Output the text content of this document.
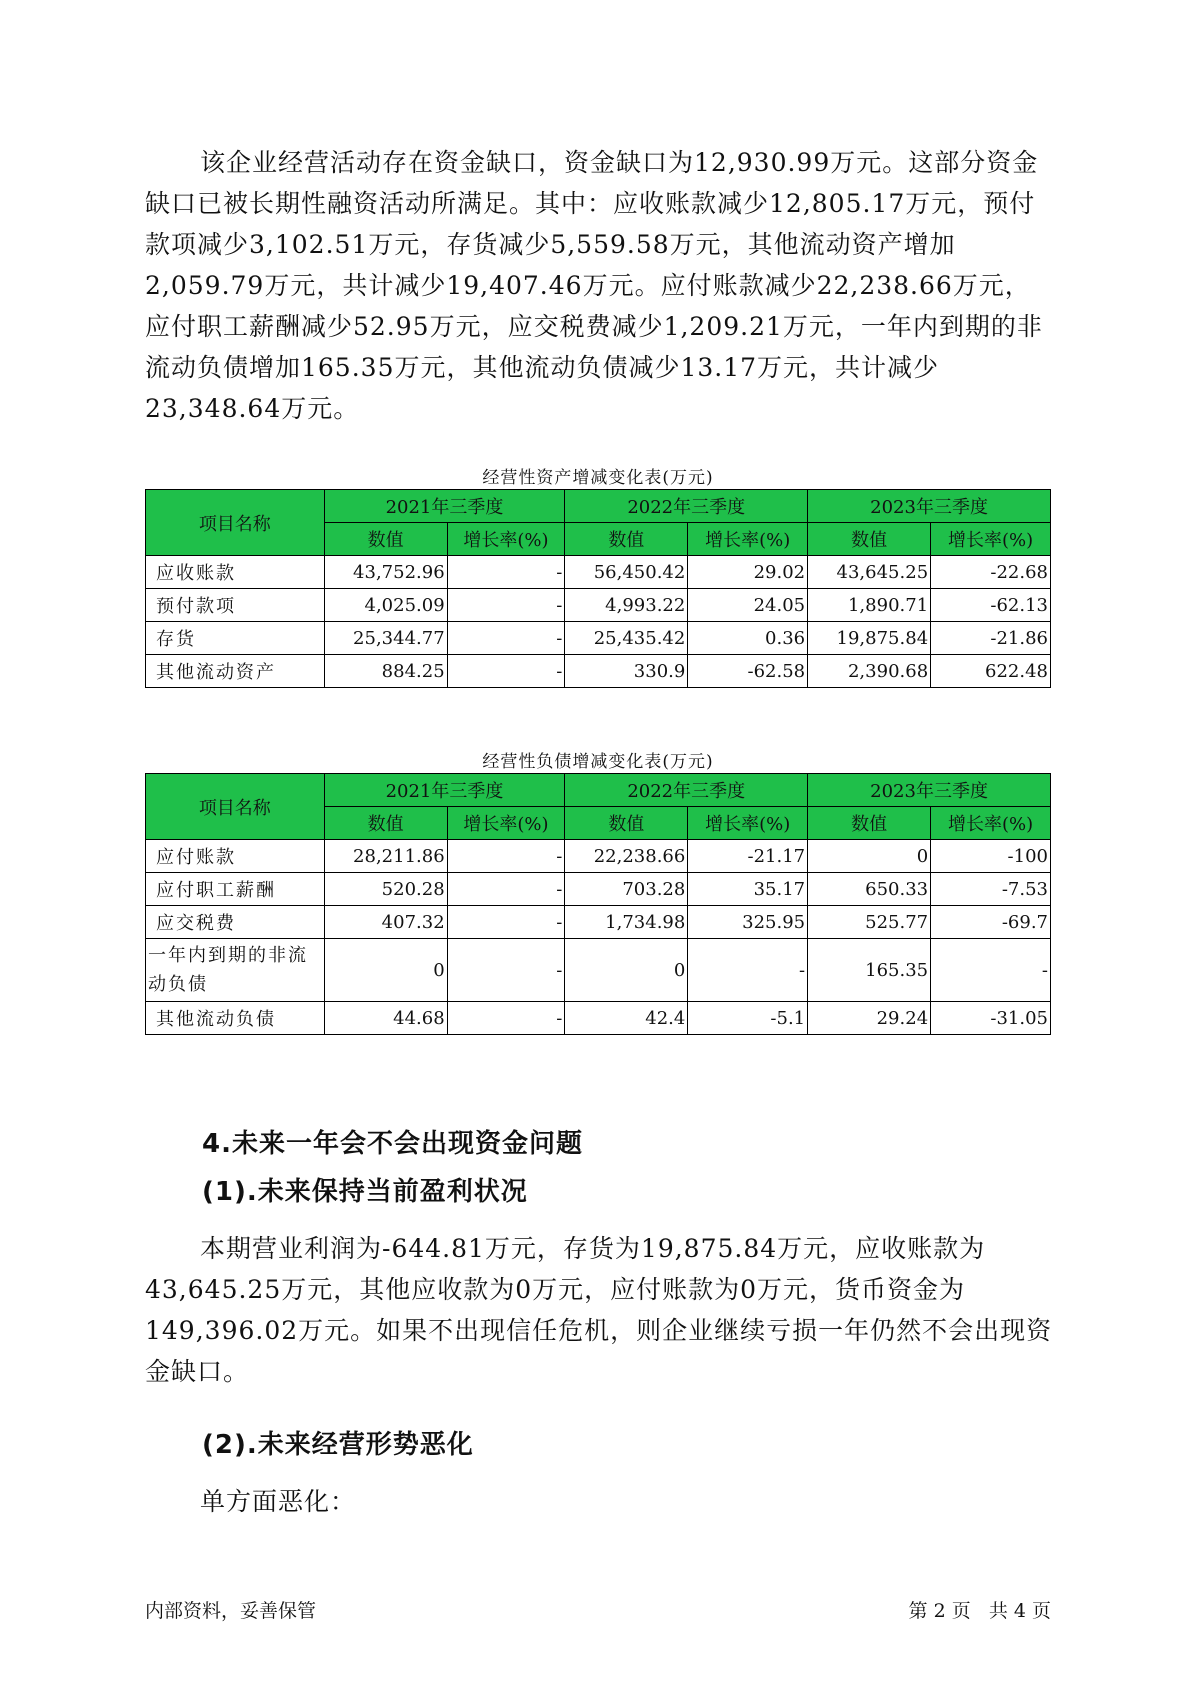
该企业经营活动存在资金缺口，资金缺口为12,930.99万元。这部分资金缺口已被长期性融资活动所满足。其中：应收账款减少12,805.17万元，预付款项减少3,102.51万元，存货减少5,559.58万元，其他流动资产增加2,059.79万元，共计减少19,407.46万元。应付账款减少22,238.66万元，应付职工薪酬减少52.95万元，应交税费减少1,209.21万元，一年内到期的非流动负债增加165.35万元，其他流动负债减少13.17万元，共计减少23,348.64万元。

经营性资产增减变化表(万元)

项目名称	2021年三季度		2022年三季度		2023年三季度	
	数值	增长率(%)	数值	增长率(%)	数值	增长率(%)
应收账款	43,752.96	-	56,450.42	29.02	43,645.25	-22.68
预付款项	4,025.09	-	4,993.22	24.05	1,890.71	-62.13
存货	25,344.77	-	25,435.42	0.36	19,875.84	-21.86
其他流动资产	884.25	-	330.9	-62.58	2,390.68	622.48

经营性负债增减变化表(万元)

项目名称	2021年三季度		2022年三季度		2023年三季度	
	数值	增长率(%)	数值	增长率(%)	数值	增长率(%)
应付账款	28,211.86	-	22,238.66	-21.17	0	-100
应付职工薪酬	520.28	-	703.28	35.17	650.33	-7.53
应交税费	407.32	-	1,734.98	325.95	525.77	-69.7
一年内到期的非流动负债	0	-	0	-	165.35	-
其他流动负债	44.68	-	42.4	-5.1	29.24	-31.05

4.未来一年会不会出现资金问题

(1).未来保持当前盈利状况

本期营业利润为-644.81万元，存货为19,875.84万元，应收账款为43,645.25万元，其他应收款为0万元，应付账款为0万元，货币资金为149,396.02万元。如果不出现信任危机，则企业继续亏损一年仍然不会出现资金缺口。

(2).未来经营形势恶化

单方面恶化：

内部资料，妥善保管	第 2 页   共 4 页
